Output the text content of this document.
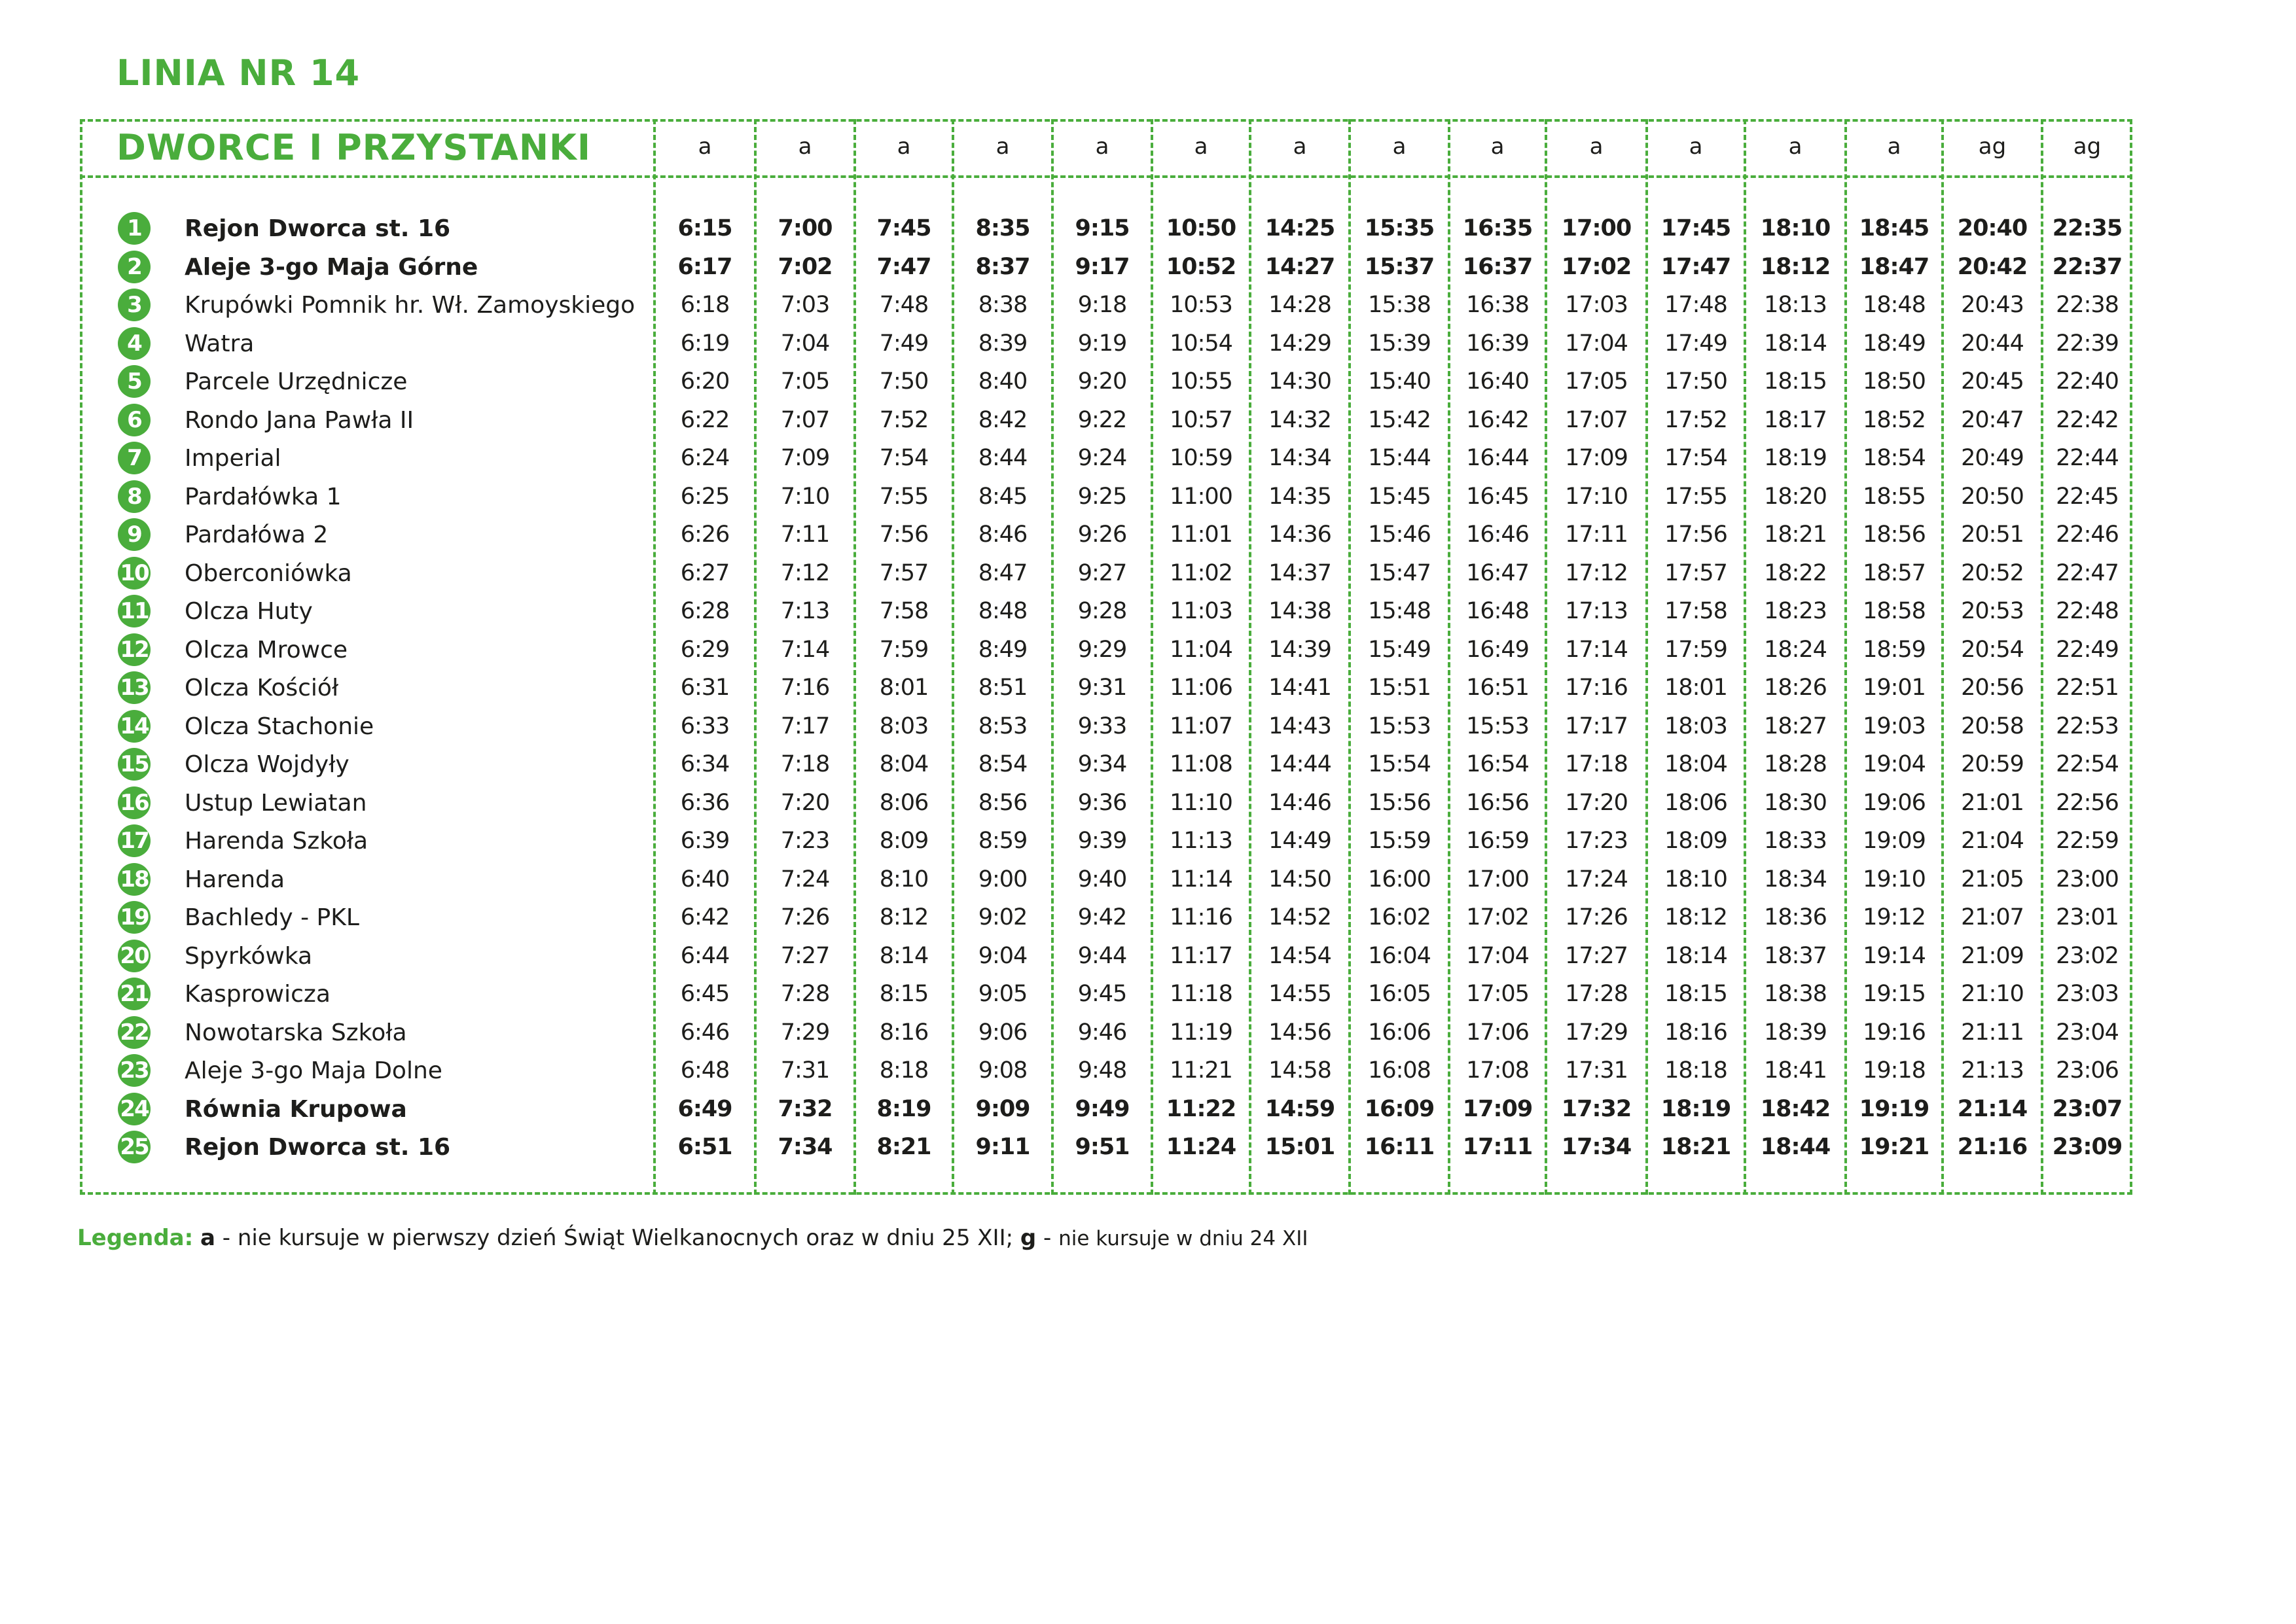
LINIA NR 14
DWORCE I PRZYSTANKI	a	a	a	a	a	a	a	a	a	a	a	a	a	ag	ag
1	Rejon Dworca st. 16	6:15	7:00	7:45	8:35	9:15	10:50	14:25	15:35	16:35	17:00	17:45	18:10	18:45	20:40	22:35
2	Aleje 3-go Maja Górne	6:17	7:02	7:47	8:37	9:17	10:52	14:27	15:37	16:37	17:02	17:47	18:12	18:47	20:42	22:37
3	Krupówki Pomnik hr. Wł. Zamoyskiego	6:18	7:03	7:48	8:38	9:18	10:53	14:28	15:38	16:38	17:03	17:48	18:13	18:48	20:43	22:38
4	Watra	6:19	7:04	7:49	8:39	9:19	10:54	14:29	15:39	16:39	17:04	17:49	18:14	18:49	20:44	22:39
5	Parcele Urzędnicze	6:20	7:05	7:50	8:40	9:20	10:55	14:30	15:40	16:40	17:05	17:50	18:15	18:50	20:45	22:40
6	Rondo Jana Pawła II	6:22	7:07	7:52	8:42	9:22	10:57	14:32	15:42	16:42	17:07	17:52	18:17	18:52	20:47	22:42
7	Imperial	6:24	7:09	7:54	8:44	9:24	10:59	14:34	15:44	16:44	17:09	17:54	18:19	18:54	20:49	22:44
8	Pardałówka 1	6:25	7:10	7:55	8:45	9:25	11:00	14:35	15:45	16:45	17:10	17:55	18:20	18:55	20:50	22:45
9	Pardałówa 2	6:26	7:11	7:56	8:46	9:26	11:01	14:36	15:46	16:46	17:11	17:56	18:21	18:56	20:51	22:46
10 Oberconiówka	6:27	7:12	7:57	8:47	9:27	11:02	14:37	15:47	16:47	17:12	17:57	18:22	18:57	20:52	22:47
11 Olcza Huty	6:28	7:13	7:58	8:48	9:28	11:03	14:38	15:48	16:48	17:13	17:58	18:23	18:58	20:53	22:48
12 Olcza Mrowce	6:29	7:14	7:59	8:49	9:29	11:04	14:39	15:49	16:49	17:14	17:59	18:24	18:59	20:54	22:49
13 Olcza Kościół	6:31	7:16	8:01	8:51	9:31	11:06	14:41	15:51	16:51	17:16	18:01	18:26	19:01	20:56	22:51
14 Olcza Stachonie	6:33	7:17	8:03	8:53	9:33	11:07	14:43	15:53	15:53	17:17	18:03	18:27	19:03	20:58	22:53
15 Olcza Wojdyły	6:34	7:18	8:04	8:54	9:34	11:08	14:44	15:54	16:54	17:18	18:04	18:28	19:04	20:59	22:54
16 Ustup Lewiatan	6:36	7:20	8:06	8:56	9:36	11:10	14:46	15:56	16:56	17:20	18:06	18:30	19:06	21:01	22:56
17 Harenda Szkoła	6:39	7:23	8:09	8:59	9:39	11:13	14:49	15:59	16:59	17:23	18:09	18:33	19:09	21:04	22:59
18 Harenda	6:40	7:24	8:10	9:00	9:40	11:14	14:50	16:00	17:00	17:24	18:10	18:34	19:10	21:05	23:00
19 Bachledy - PKL	6:42	7:26	8:12	9:02	9:42	11:16	14:52	16:02	17:02	17:26	18:12	18:36	19:12	21:07	23:01
20 Spyrkówka	6:44	7:27	8:14	9:04	9:44	11:17	14:54	16:04	17:04	17:27	18:14	18:37	19:14	21:09	23:02
21 Kasprowicza	6:45	7:28	8:15	9:05	9:45	11:18	14:55	16:05	17:05	17:28	18:15	18:38	19:15	21:10	23:03
22 Nowotarska Szkoła	6:46	7:29	8:16	9:06	9:46	11:19	14:56	16:06	17:06	17:29	18:16	18:39	19:16	21:11	23:04
23 Aleje 3-go Maja Dolne	6:48	7:31	8:18	9:08	9:48	11:21	14:58	16:08	17:08	17:31	18:18	18:41	19:18	21:13	23:06
24 Równia Krupowa	6:49	7:32	8:19	9:09	9:49	11:22	14:59	16:09	17:09	17:32	18:19	18:42	19:19	21:14	23:07
25 Rejon Dworca st. 16	6:51	7:34	8:21	9:11	9:51	11:24	15:01	16:11	17:11	17:34	18:21	18:44	19:21	21:16	23:09
Legenda: a - nie kursuje w pierwszy dzień Świąt Wielkanocnych oraz w dniu 25 XII; g - nie kursuje w dniu 24 XII
